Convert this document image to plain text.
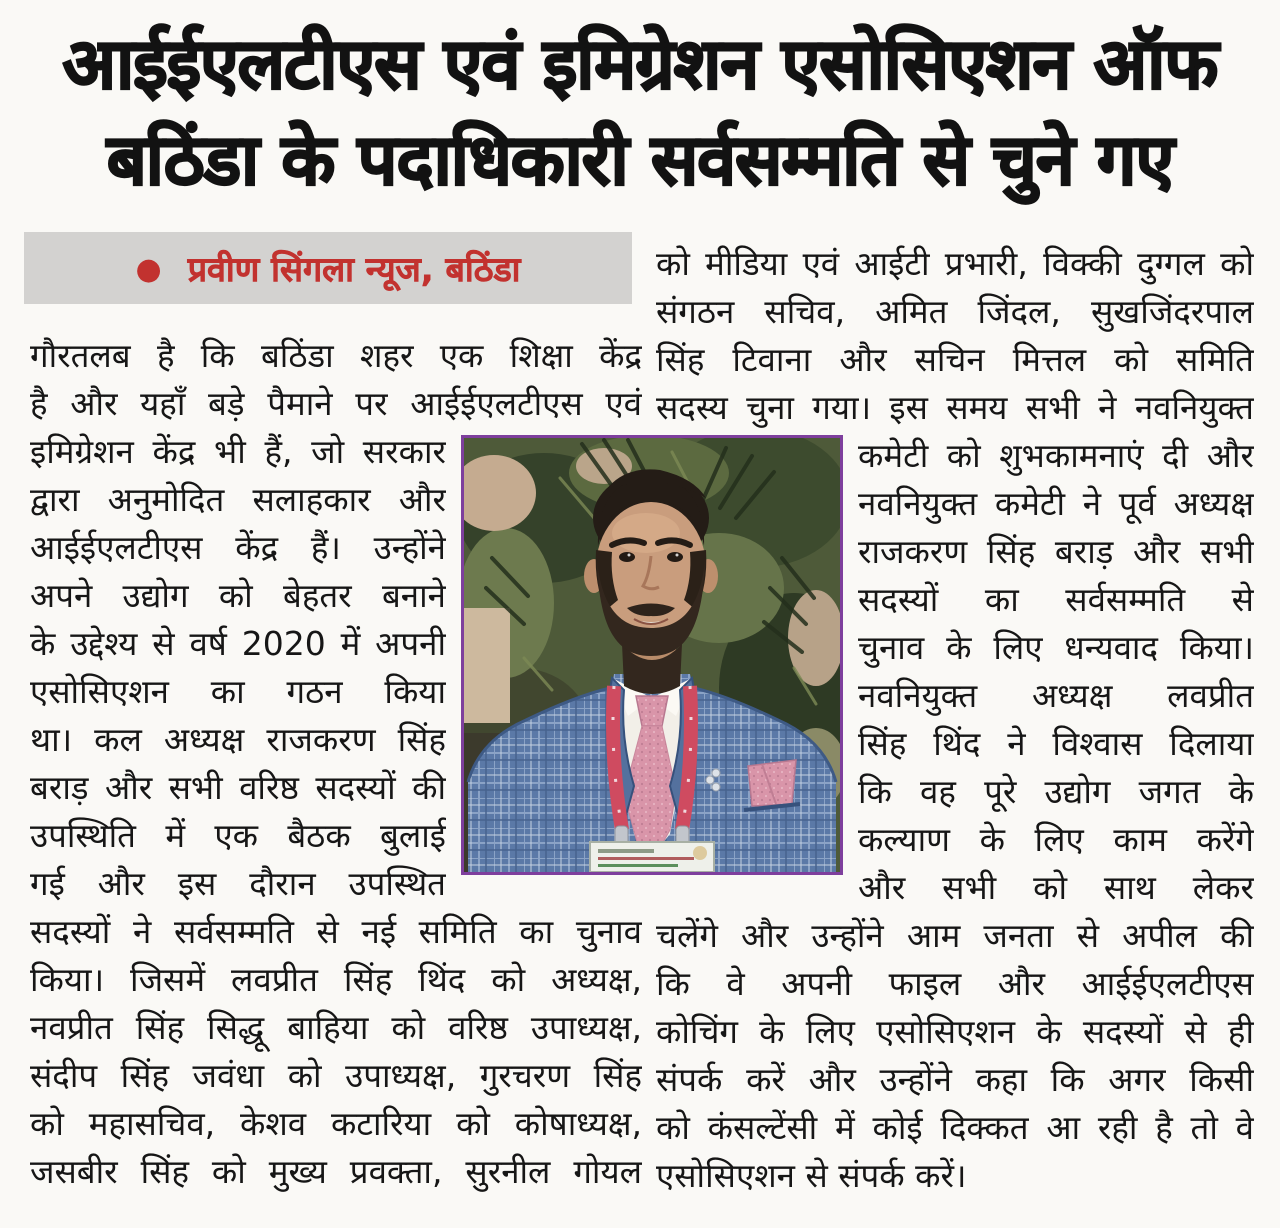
आईईएलटीएस एवं इमिग्रेशन एसोसिएशन ऑफ
बठिंडा के पदाधिकारी सर्वसम्मति से चुने गए
● प्रवीण सिंगला न्यूज, बठिंडा
गौरतलब है कि बठिंडा शहर एक शिक्षा केंद्र
है और यहाँ बड़े पैमाने पर आईईएलटीएस एवं
इमिग्रेशन केंद्र भी हैं, जो सरकार
द्वारा अनुमोदित सलाहकार और
आईईएलटीएस केंद्र हैं। उन्होंने
अपने उद्योग को बेहतर बनाने
के उद्देश्य से वर्ष 2020 में अपनी
एसोसिएशन का गठन किया
था। कल अध्यक्ष राजकरण सिंह
बराड़ और सभी वरिष्ठ सदस्यों की
उपस्थिति में एक बैठक बुलाई
गई और इस दौरान उपस्थित
सदस्यों ने सर्वसम्मति से नई समिति का चुनाव
किया। जिसमें लवप्रीत सिंह थिंद को अध्यक्ष,
नवप्रीत सिंह सिद्धू बाहिया को वरिष्ठ उपाध्यक्ष,
संदीप सिंह जवंधा को उपाध्यक्ष, गुरचरण सिंह
को महासचिव, केशव कटारिया को कोषाध्यक्ष,
जसबीर सिंह को मुख्य प्रवक्ता, सुरनील गोयल
को मीडिया एवं आईटी प्रभारी, विक्की दुग्गल को
संगठन सचिव, अमित जिंदल, सुखजिंदरपाल
सिंह टिवाना और सचिन मित्तल को समिति
सदस्य चुना गया। इस समय सभी ने नवनियुक्त
कमेटी को शुभकामनाएं दी और
नवनियुक्त कमेटी ने पूर्व अध्यक्ष
राजकरण सिंह बराड़ और सभी
सदस्यों का सर्वसम्मति से
चुनाव के लिए धन्यवाद किया।
नवनियुक्त अध्यक्ष लवप्रीत
सिंह थिंद ने विश्वास दिलाया
कि वह पूरे उद्योग जगत के
कल्याण के लिए काम करेंगे
और सभी को साथ लेकर
चलेंगे और उन्होंने आम जनता से अपील की
कि वे अपनी फाइल और आईईएलटीएस
कोचिंग के लिए एसोसिएशन के सदस्यों से ही
संपर्क करें और उन्होंने कहा कि अगर किसी
को कंसल्टेंसी में कोई दिक्कत आ रही है तो वे
एसोसिएशन से संपर्क करें।
